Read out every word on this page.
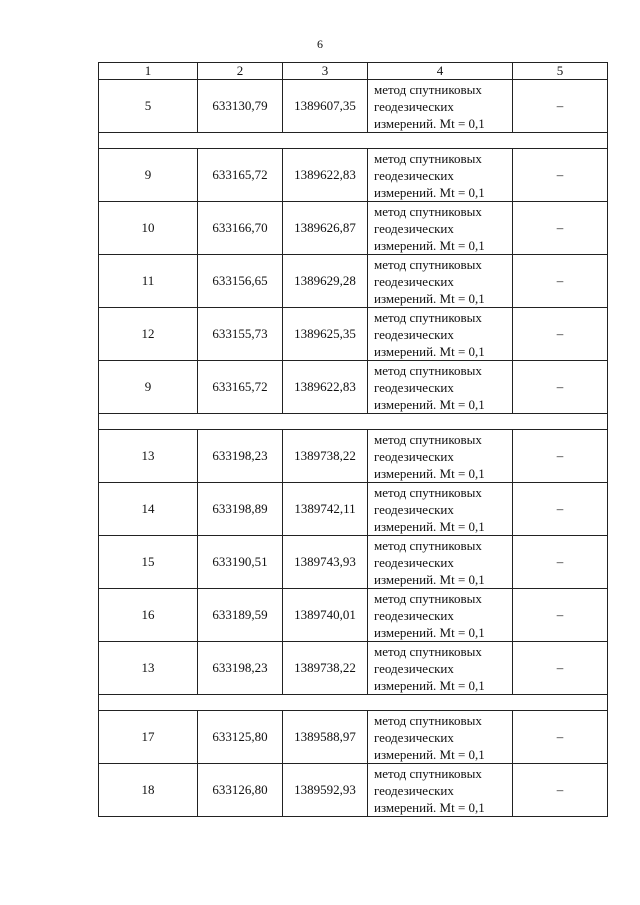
6
1	2	3	4	5
5	633130,79	1389607,35	метод спутниковых
геодезических
измерений. Mt = 0,1	–

9	633165,72	1389622,83	метод спутниковых
геодезических
измерений. Mt = 0,1	–
10	633166,70	1389626,87	метод спутниковых
геодезических
измерений. Mt = 0,1	–
11	633156,65	1389629,28	метод спутниковых
геодезических
измерений. Mt = 0,1	–
12	633155,73	1389625,35	метод спутниковых
геодезических
измерений. Mt = 0,1	–
9	633165,72	1389622,83	метод спутниковых
геодезических
измерений. Mt = 0,1	–

13	633198,23	1389738,22	метод спутниковых
геодезических
измерений. Mt = 0,1	–
14	633198,89	1389742,11	метод спутниковых
геодезических
измерений. Mt = 0,1	–
15	633190,51	1389743,93	метод спутниковых
геодезических
измерений. Mt = 0,1	–
16	633189,59	1389740,01	метод спутниковых
геодезических
измерений. Mt = 0,1	–
13	633198,23	1389738,22	метод спутниковых
геодезических
измерений. Mt = 0,1	–

17	633125,80	1389588,97	метод спутниковых
геодезических
измерений. Mt = 0,1	–
18	633126,80	1389592,93	метод спутниковых
геодезических
измерений. Mt = 0,1	–
